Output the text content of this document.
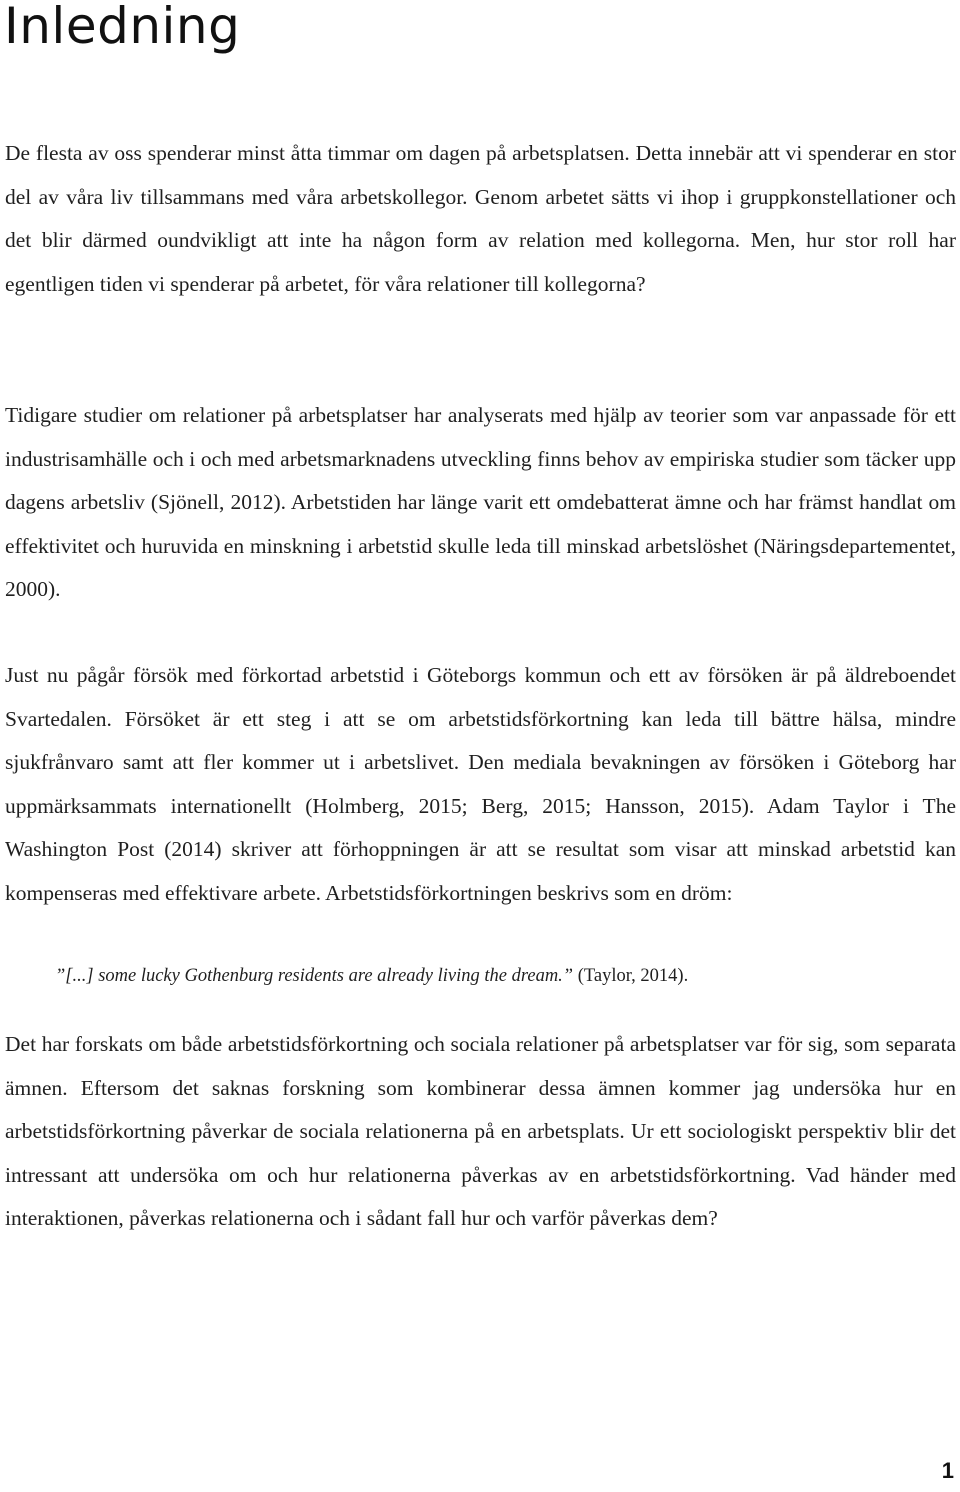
Inledning

De flesta av oss spenderar minst åtta timmar om dagen på arbetsplatsen. Detta innebär att vi spenderar en stor del av våra liv tillsammans med våra arbetskollegor. Genom arbetet sätts vi ihop i gruppkonstellationer och det blir därmed oundvikligt att inte ha någon form av relation med kollegorna. Men, hur stor roll har egentligen tiden vi spenderar på arbetet, för våra relationer till kollegorna?

Tidigare studier om relationer på arbetsplatser har analyserats med hjälp av teorier som var anpassade för ett industrisamhälle och i och med arbetsmarknadens utveckling finns behov av empiriska studier som täcker upp dagens arbetsliv (Sjönell, 2012). Arbetstiden har länge varit ett omdebatterat ämne och har främst handlat om effektivitet och huruvida en minskning i arbetstid skulle leda till minskad arbetslöshet (Näringsdepartementet, 2000).

Just nu pågår försök med förkortad arbetstid i Göteborgs kommun och ett av försöken är på äldreboendet Svartedalen. Försöket är ett steg i att se om arbetstidsförkortning kan leda till bättre hälsa, mindre sjukfrånvaro samt att fler kommer ut i arbetslivet. Den mediala bevakningen av försöken i Göteborg har uppmärksammats internationellt (Holmberg, 2015; Berg, 2015; Hansson, 2015). Adam Taylor i The Washington Post (2014) skriver att förhoppningen är att se resultat som visar att minskad arbetstid kan kompenseras med effektivare arbete. Arbetstidsförkortningen beskrivs som en dröm:

”[...] some lucky Gothenburg residents are already living the dream.” (Taylor, 2014).

Det har forskats om både arbetstidsförkortning och sociala relationer på arbetsplatser var för sig, som separata ämnen. Eftersom det saknas forskning som kombinerar dessa ämnen kommer jag undersöka hur en arbetstidsförkortning påverkar de sociala relationerna på en arbetsplats. Ur ett sociologiskt perspektiv blir det intressant att undersöka om och hur relationerna påverkas av en arbetstidsförkortning. Vad händer med interaktionen, påverkas relationerna och i sådant fall hur och varför påverkas dem?

1
